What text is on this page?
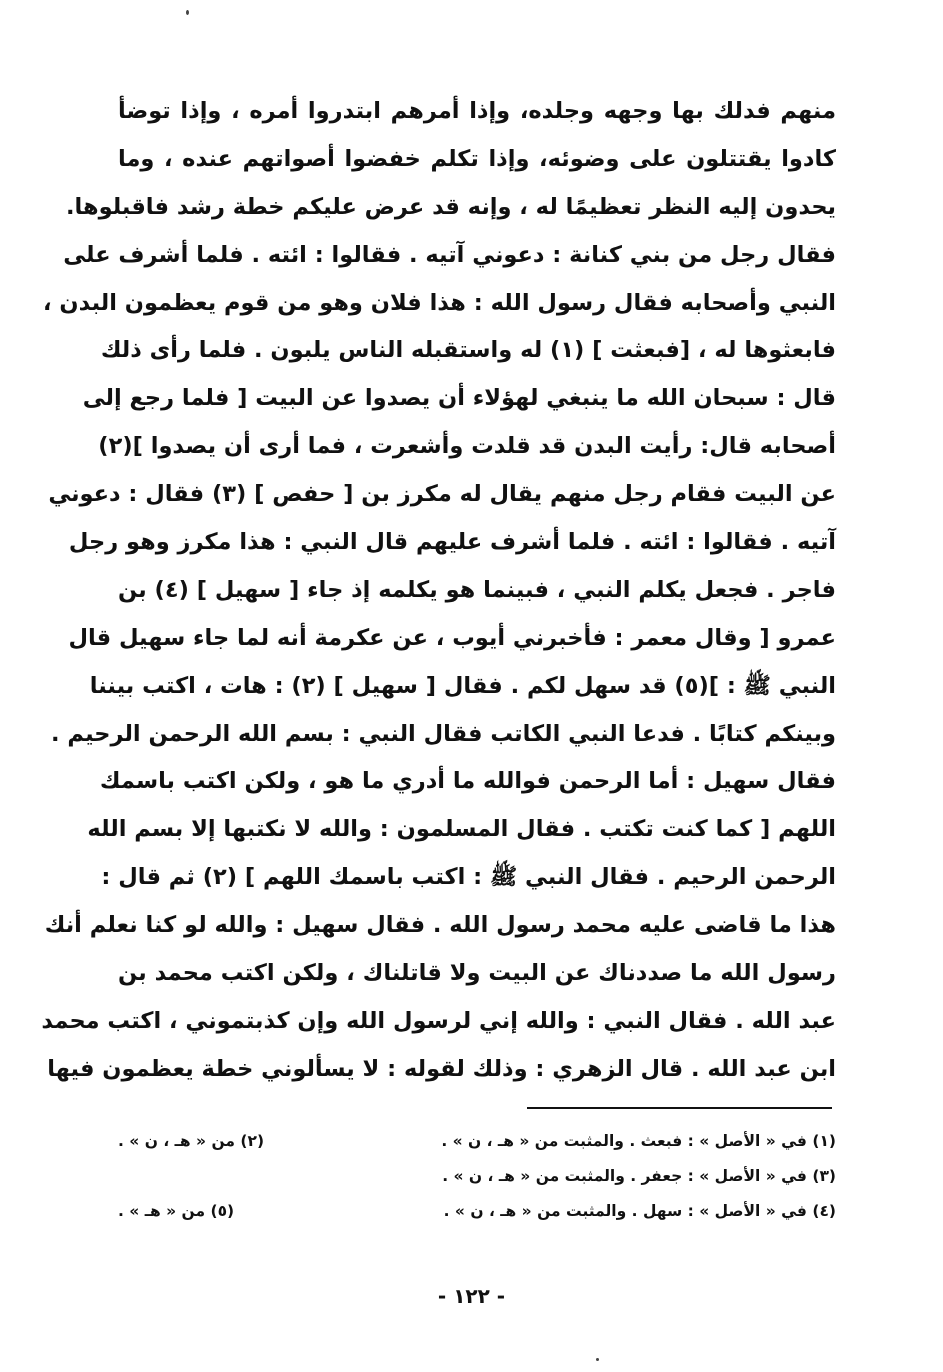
منهم فدلك بها وجهه وجلده، وإذا أمرهم ابتدروا أمره ، وإذا توضأ
كادوا يقتتلون على وضوئه، وإذا تكلم خفضوا أصواتهم عنده ، وما
يحدون إليه النظر تعظيمًا له ، وإنه قد عرض عليكم خطة رشد فاقبلوها.
فقال رجل من بني كنانة : دعوني آتيه . فقالوا : ائته . فلما أشرف على
النبي وأصحابه فقال رسول الله : هذا فلان وهو من قوم يعظمون البدن ،
فابعثوها له ، [فبعثت ] (١) له واستقبله الناس يلبون . فلما رأى ذلك
قال : سبحان الله ما ينبغي لهؤلاء أن يصدوا عن البيت [ فلما رجع إلى
أصحابه قال: رأيت البدن قد قلدت وأشعرت ، فما أرى أن يصدوا ](٢)
عن البيت فقام رجل منهم يقال له مكرز بن [ حفص ] (٣) فقال : دعوني
آتيه . فقالوا : ائته . فلما أشرف عليهم قال النبي : هذا مكرز وهو رجل
فاجر . فجعل يكلم النبي ، فبينما هو يكلمه إذ جاء [ سهيل ] (٤) بن
عمرو [ وقال معمر : فأخبرني أيوب ، عن عكرمة أنه لما جاء سهيل قال
النبي ﷺ : ](٥) قد سهل لكم . فقال [ سهيل ] (٢) : هات ، اكتب بيننا
وبينكم كتابًا . فدعا النبي الكاتب فقال النبي : بسم الله الرحمن الرحيم .
فقال سهيل : أما الرحمن فوالله ما أدري ما هو ، ولكن اكتب باسمك
اللهم [ كما كنت تكتب . فقال المسلمون : والله لا نكتبها إلا بسم الله
الرحمن الرحيم . فقال النبي ﷺ : اكتب باسمك اللهم ] (٢) ثم قال :
هذا ما قاضى عليه محمد رسول الله . فقال سهيل : والله لو كنا نعلم أنك
رسول الله ما صددناك عن البيت ولا قاتلناك ، ولكن اكتب محمد بن
عبد الله . فقال النبي : والله إني لرسول الله وإن كذبتموني ، اكتب محمد
ابن عبد الله . قال الزهري : وذلك لقوله : لا يسألوني خطة يعظمون فيها
(١) في « الأصل » : فبعث . والمثبت من « هـ ، ن » .
(٢) من « هـ ، ن » .
(٣) في « الأصل » : جعفر . والمثبت من « هـ ، ن » .
(٤) في « الأصل » : سهل . والمثبت من « هـ ، ن » .
(٥) من « هـ » .
- ١٢٢ -
